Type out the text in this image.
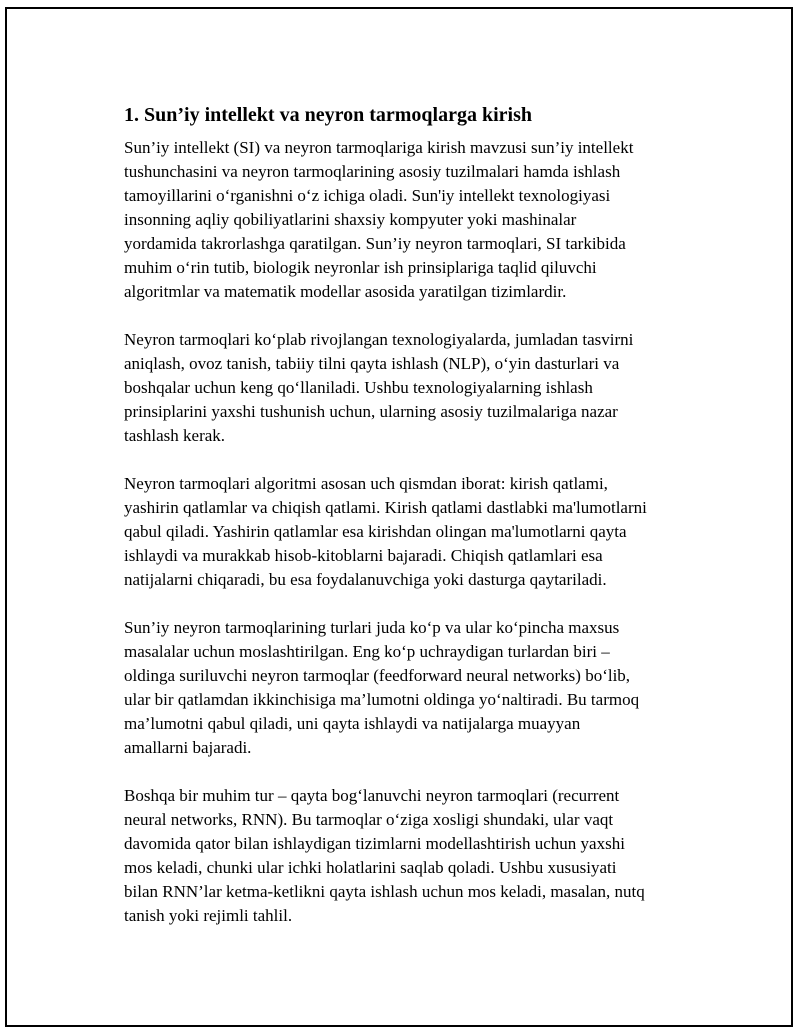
1. Sun’iy intellekt va neyron tarmoqlarga kirish

Sun’iy intellekt (SI) va neyron tarmoqlariga kirish mavzusi sun’iy intellekt
tushunchasini va neyron tarmoqlarining asosiy tuzilmalari hamda ishlash
tamoyillarini oʻrganishni oʻz ichiga oladi. Sun'iy intellekt texnologiyasi
insonning aqliy qobiliyatlarini shaxsiy kompyuter yoki mashinalar
yordamida takrorlashga qaratilgan. Sun’iy neyron tarmoqlari, SI tarkibida
muhim oʻrin tutib, biologik neyronlar ish prinsiplariga taqlid qiluvchi
algoritmlar va matematik modellar asosida yaratilgan tizimlardir.

Neyron tarmoqlari koʻplab rivojlangan texnologiyalarda, jumladan tasvirni
aniqlash, ovoz tanish, tabiiy tilni qayta ishlash (NLP), oʻyin dasturlari va
boshqalar uchun keng qoʻllaniladi. Ushbu texnologiyalarning ishlash
prinsiplarini yaxshi tushunish uchun, ularning asosiy tuzilmalariga nazar
tashlash kerak.

Neyron tarmoqlari algoritmi asosan uch qismdan iborat: kirish qatlami,
yashirin qatlamlar va chiqish qatlami. Kirish qatlami dastlabki ma'lumotlarni
qabul qiladi. Yashirin qatlamlar esa kirishdan olingan ma'lumotlarni qayta
ishlaydi va murakkab hisob-kitoblarni bajaradi. Chiqish qatlamlari esa
natijalarni chiqaradi, bu esa foydalanuvchiga yoki dasturga qaytariladi.

Sun’iy neyron tarmoqlarining turlari juda koʻp va ular koʻpincha maxsus
masalalar uchun moslashtirilgan. Eng koʻp uchraydigan turlardan biri –
oldinga suriluvchi neyron tarmoqlar (feedforward neural networks) boʻlib,
ular bir qatlamdan ikkinchisiga ma’lumotni oldinga yoʻnaltiradi. Bu tarmoq
ma’lumotni qabul qiladi, uni qayta ishlaydi va natijalarga muayyan
amallarni bajaradi.

Boshqa bir muhim tur – qayta bogʻlanuvchi neyron tarmoqlari (recurrent
neural networks, RNN). Bu tarmoqlar oʻziga xosligi shundaki, ular vaqt
davomida qator bilan ishlaydigan tizimlarni modellashtirish uchun yaxshi
mos keladi, chunki ular ichki holatlarini saqlab qoladi. Ushbu xususiyati
bilan RNN’lar ketma-ketlikni qayta ishlash uchun mos keladi, masalan, nutq
tanish yoki rejimli tahlil.
